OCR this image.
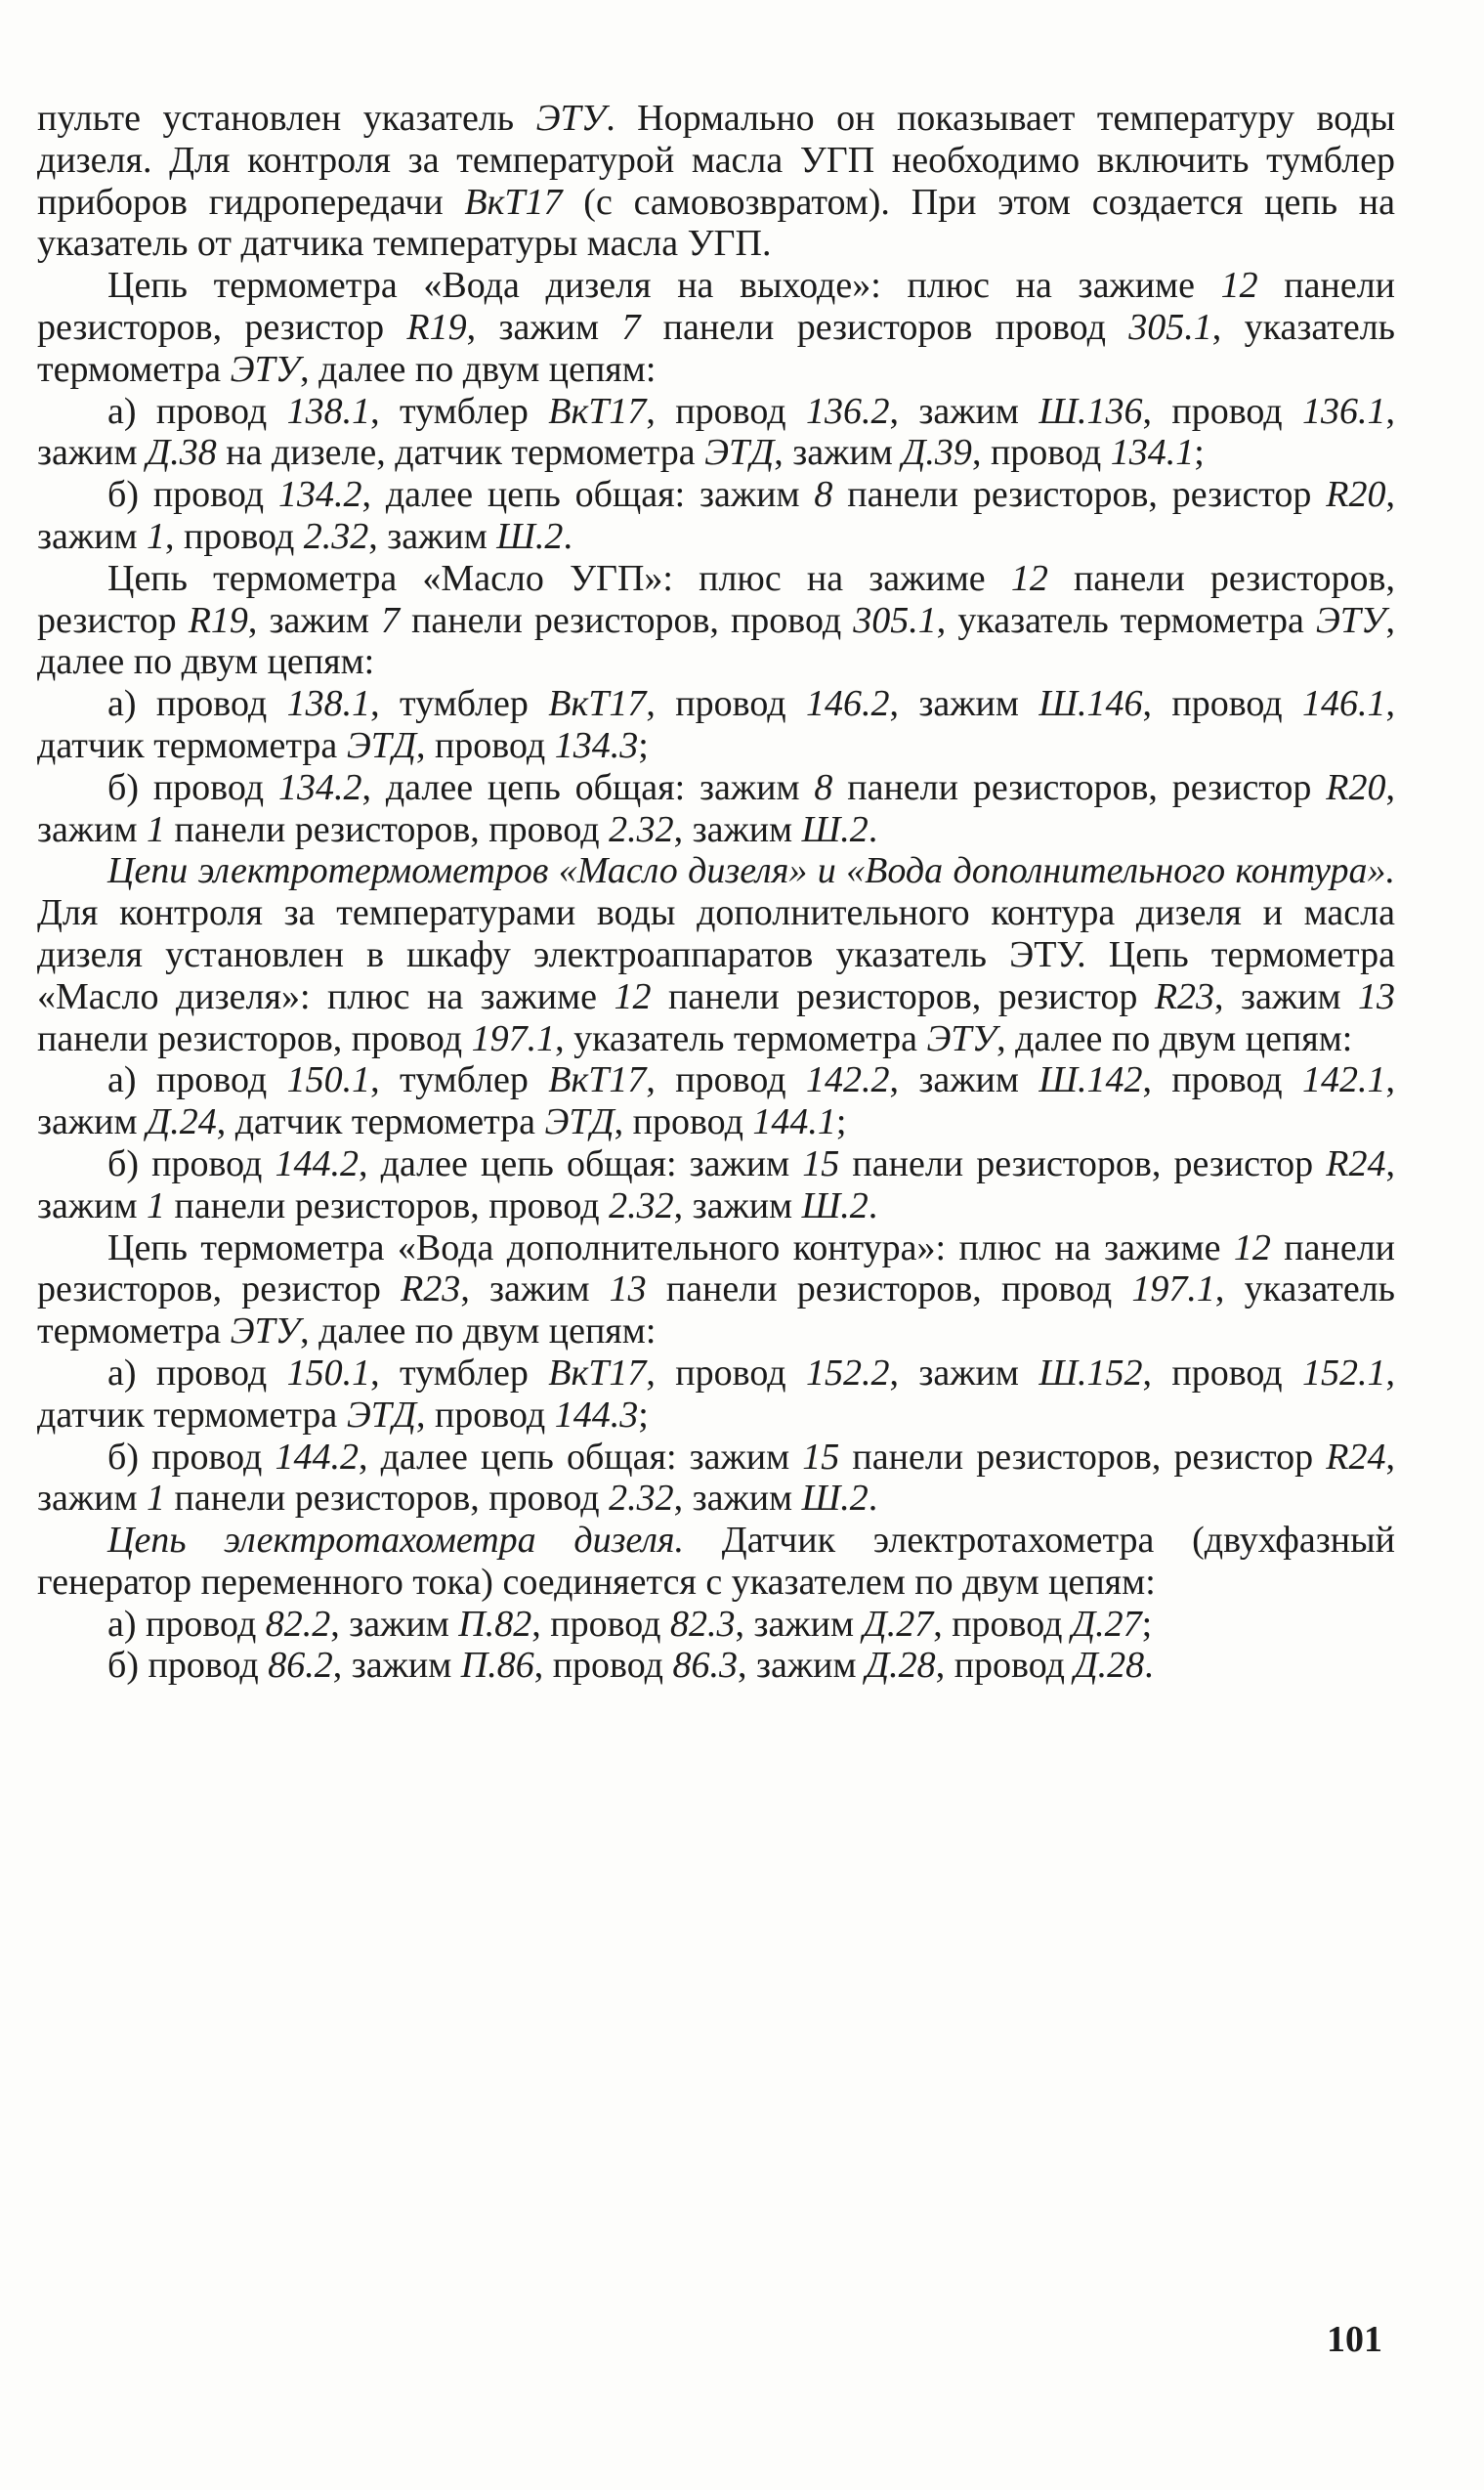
пульте установлен указатель ЭТУ. Нормально он показывает температуру воды дизеля. Для контроля за температурой масла УГП необходимо включить тумблер приборов гидропередачи ВкТ17 (с самовозвратом). При этом создается цепь на указатель от датчика температуры масла УГП.

Цепь термометра «Вода дизеля на выходе»: плюс на зажиме 12 панели резисторов, резистор R19, зажим 7 панели резисторов провод 305.1, указатель термометра ЭТУ, далее по двум цепям:

а) провод 138.1, тумблер ВкТ17, провод 136.2, зажим Ш.136, провод 136.1, зажим Д.38 на дизеле, датчик термометра ЭТД, зажим Д.39, провод 134.1;

б) провод 134.2, далее цепь общая: зажим 8 панели резисторов, резистор R20, зажим 1, провод 2.32, зажим Ш.2.

Цепь термометра «Масло УГП»: плюс на зажиме 12 панели резисторов, резистор R19, зажим 7 панели резисторов, провод 305.1, указатель термометра ЭТУ, далее по двум цепям:

а) провод 138.1, тумблер ВкТ17, провод 146.2, зажим Ш.146, провод 146.1, датчик термометра ЭТД, провод 134.3;

б) провод 134.2, далее цепь общая: зажим 8 панели резисторов, резистор R20, зажим 1 панели резисторов, провод 2.32, зажим Ш.2.

Цепи электротермометров «Масло дизеля» и «Вода дополнительного контура». Для контроля за температурами воды дополнительного контура дизеля и масла дизеля установлен в шкафу электроаппаратов указатель ЭТУ. Цепь термометра «Масло дизеля»: плюс на зажиме 12 панели резисторов, резистор R23, зажим 13 панели резисторов, провод 197.1, указатель термометра ЭТУ, далее по двум цепям:

а) провод 150.1, тумблер ВкТ17, провод 142.2, зажим Ш.142, провод 142.1, зажим Д.24, датчик термометра ЭТД, провод 144.1;

б) провод 144.2, далее цепь общая: зажим 15 панели резисторов, резистор R24, зажим 1 панели резисторов, провод 2.32, зажим Ш.2.

Цепь термометра «Вода дополнительного контура»: плюс на зажиме 12 панели резисторов, резистор R23, зажим 13 панели резисторов, провод 197.1, указатель термометра ЭТУ, далее по двум цепям:

а) провод 150.1, тумблер ВкТ17, провод 152.2, зажим Ш.152, провод 152.1, датчик термометра ЭТД, провод 144.3;

б) провод 144.2, далее цепь общая: зажим 15 панели резисторов, резистор R24, зажим 1 панели резисторов, провод 2.32, зажим Ш.2.

Цепь электротахометра дизеля. Датчик электротахометра (двухфазный генератор переменного тока) соединяется с указателем по двум цепям:

а) провод 82.2, зажим П.82, провод 82.3, зажим Д.27, провод Д.27;

б) провод 86.2, зажим П.86, провод 86.3, зажим Д.28, провод Д.28.

101
